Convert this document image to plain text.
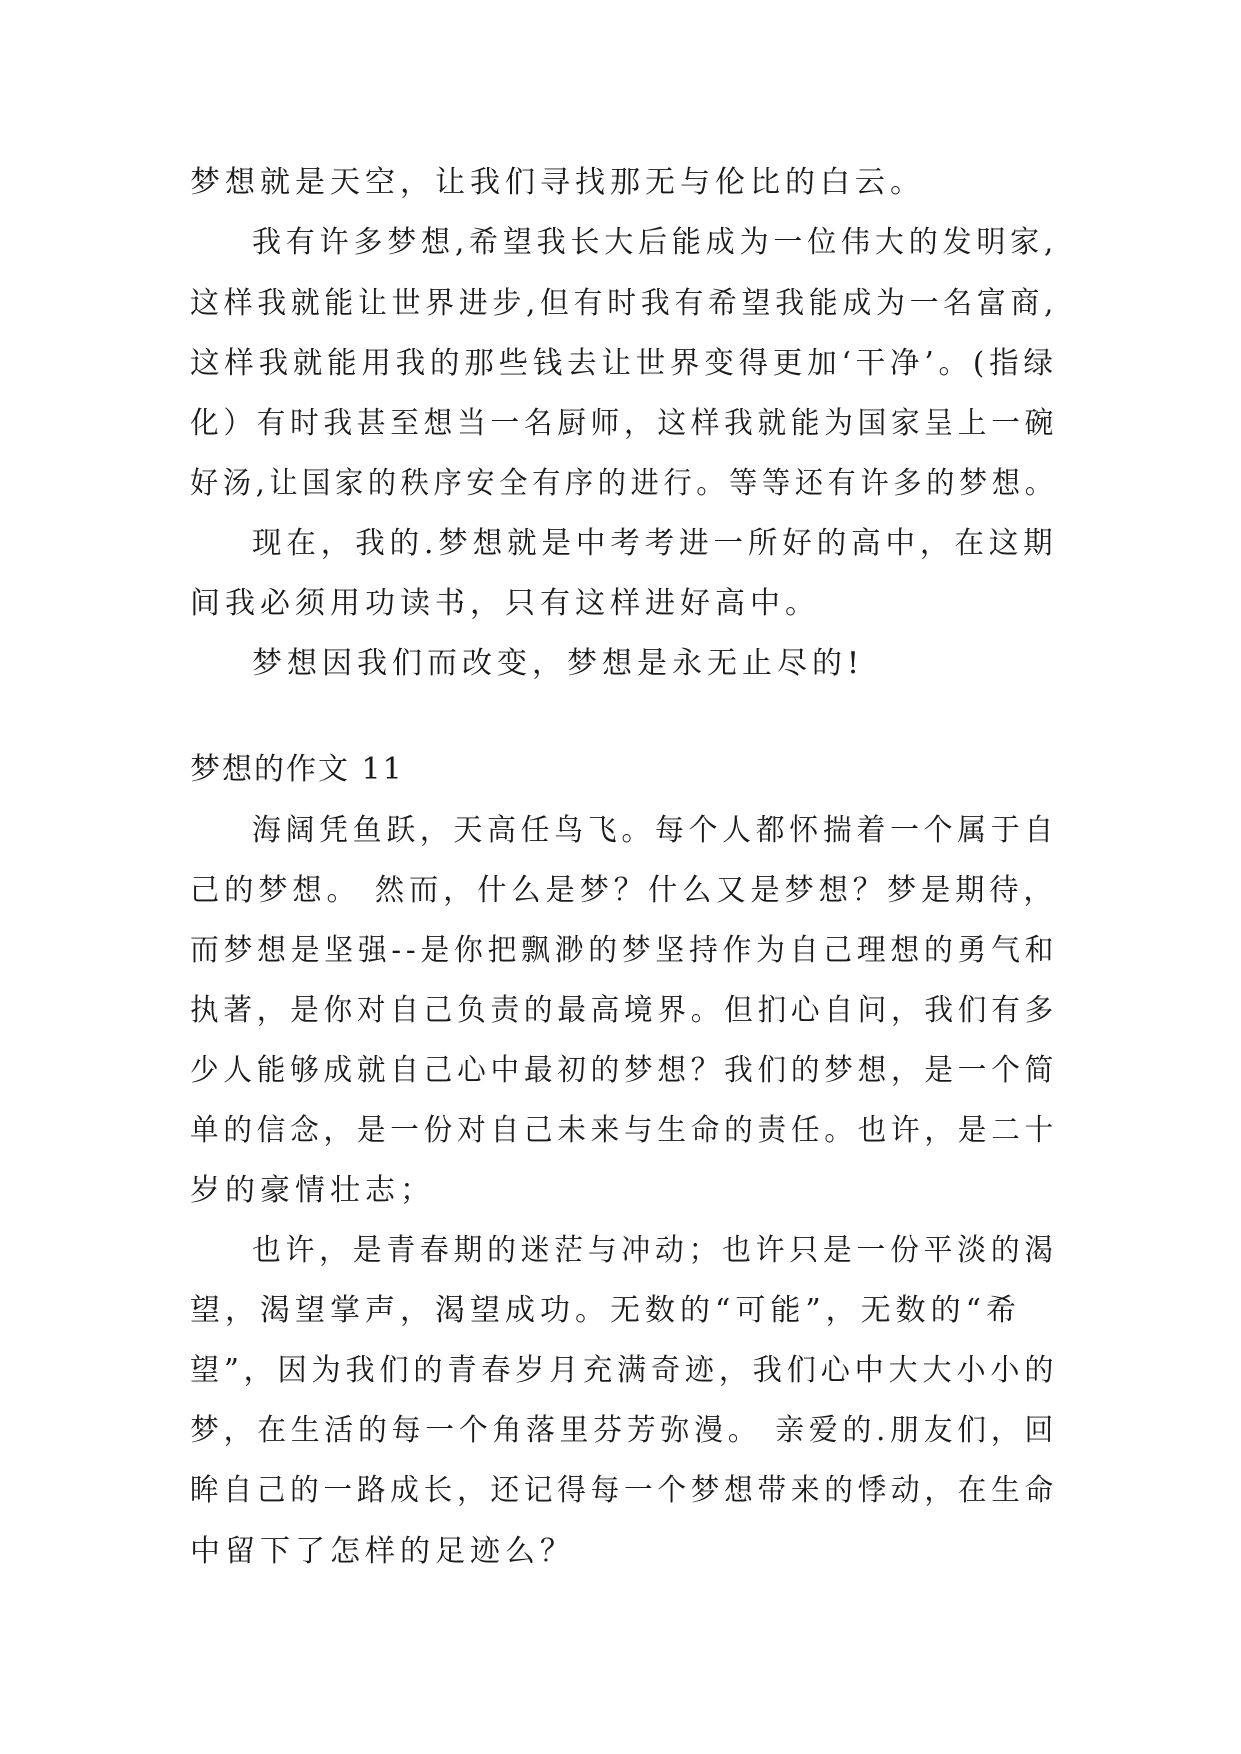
梦想就是天空，让我们寻找那无与伦比的白云。
我有许多梦想,希望我长大后能成为一位伟大的发明家,
这样我就能让世界进步,但有时我有希望我能成为一名富商,
这样我就能用我的那些钱去让世界变得更加‘干净’。(指绿
化）有时我甚至想当一名厨师，这样我就能为国家呈上一碗
好汤,让国家的秩序安全有序的进行。等等还有许多的梦想。
现在，我的.梦想就是中考考进一所好的高中，在这期
间我必须用功读书，只有这样进好高中。
梦想因我们而改变，梦想是永无止尽的!
梦想的作文 11
海阔凭鱼跃，天高任鸟飞。每个人都怀揣着一个属于自
己的梦想。 然而，什么是梦？什么又是梦想？梦是期待，
而梦想是坚强--是你把飘渺的梦坚持作为自己理想的勇气和
执著，是你对自己负责的最高境界。但扪心自问，我们有多
少人能够成就自己心中最初的梦想？我们的梦想，是一个简
单的信念，是一份对自己未来与生命的责任。也许，是二十
岁的豪情壮志；
也许，是青春期的迷茫与冲动；也许只是一份平淡的渴
望，渴望掌声，渴望成功。无数的“可能”，无数的“希
望”，因为我们的青春岁月充满奇迹，我们心中大大小小的
梦，在生活的每一个角落里芬芳弥漫。 亲爱的.朋友们，回
眸自己的一路成长，还记得每一个梦想带来的悸动，在生命
中留下了怎样的足迹么？
